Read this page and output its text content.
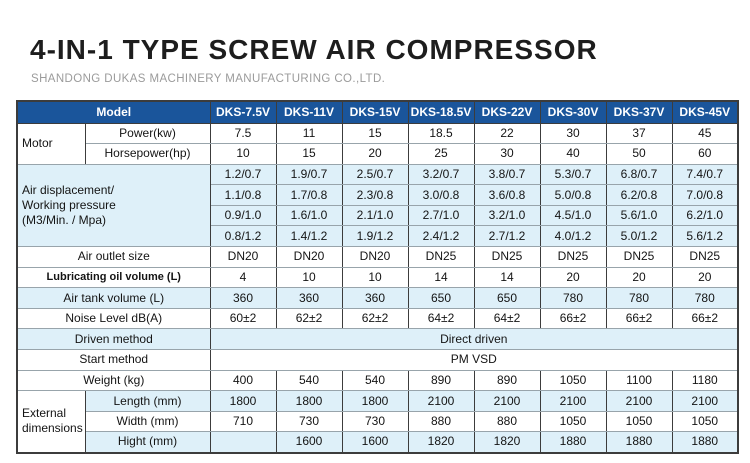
4-IN-1 TYPE SCREW AIR COMPRESSOR
SHANDONG DUKAS MACHINERY MANUFACTURING CO.,LTD.
Model		DKS-7.5V	DKS-11V	DKS-15V	DKS-18.5V	DKS-22V	DKS-30V	DKS-37V	DKS-45V
Motor	Power(kw)	7.5	11	15	18.5	22	30	37	45
	Horsepower(hp)	10	15	20	25	30	40	50	60
Air displacement/
Working pressure
(M3/Min. / Mpa)		1.2/0.7	1.9/0.7	2.5/0.7	3.2/0.7	3.8/0.7	5.3/0.7	6.8/0.7	7.4/0.7
		1.1/0.8	1.7/0.8	2.3/0.8	3.0/0.8	3.6/0.8	5.0/0.8	6.2/0.8	7.0/0.8
		0.9/1.0	1.6/1.0	2.1/1.0	2.7/1.0	3.2/1.0	4.5/1.0	5.6/1.0	6.2/1.0
		0.8/1.2	1.4/1.2	1.9/1.2	2.4/1.2	2.7/1.2	4.0/1.2	5.0/1.2	5.6/1.2
Air outlet size		DN20	DN20	DN20	DN25	DN25	DN25	DN25	DN25
Lubricating oil volume (L)		4	10	10	14	14	20	20	20
Air tank volume (L)		360	360	360	650	650	780	780	780
Noise Level dB(A)		60±2	62±2	62±2	64±2	64±2	66±2	66±2	66±2
Driven method		Direct driven							
Start method		PM VSD							
Weight (kg)		400	540	540	890	890	1050	1100	1180
External
dimensions	Length (mm)	1800	1800	1800	2100	2100	2100	2100	2100
	Width (mm)	710	730	730	880	880	1050	1050	1050
	Hight (mm)		1600	1600	1820	1820	1880	1880	1880
